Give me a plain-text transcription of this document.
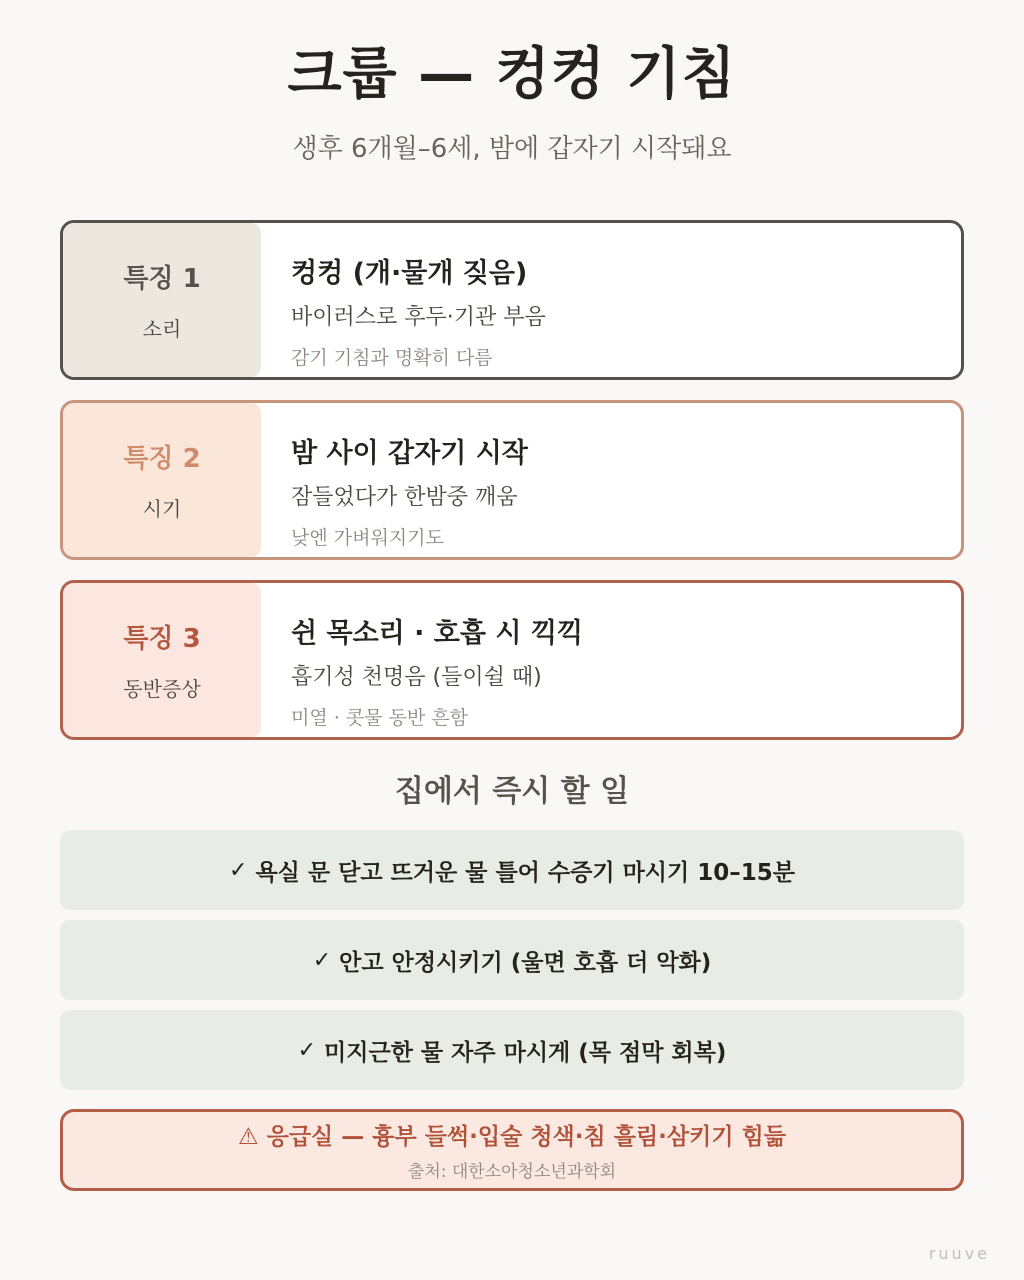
크룹 — 컹컹 기침
생후 6개월–6세, 밤에 갑자기 시작돼요
특징 1
소리
컹컹 (개·물개 짖음)
바이러스로 후두·기관 부음
감기 기침과 명확히 다름
특징 2
시기
밤 사이 갑자기 시작
잠들었다가 한밤중 깨움
낮엔 가벼워지기도
특징 3
동반증상
쉰 목소리 · 호흡 시 끽끽
흡기성 천명음 (들이쉴 때)
미열 · 콧물 동반 흔함
집에서 즉시 할 일
✓ 욕실 문 닫고 뜨거운 물 틀어 수증기 마시기 10–15분
✓ 안고 안정시키기 (울면 호흡 더 악화)
✓ 미지근한 물 자주 마시게 (목 점막 회복)
⚠ 응급실 — 흉부 들썩·입술 청색·침 흘림·삼키기 힘듦
출처: 대한소아청소년과학회
ruuve
